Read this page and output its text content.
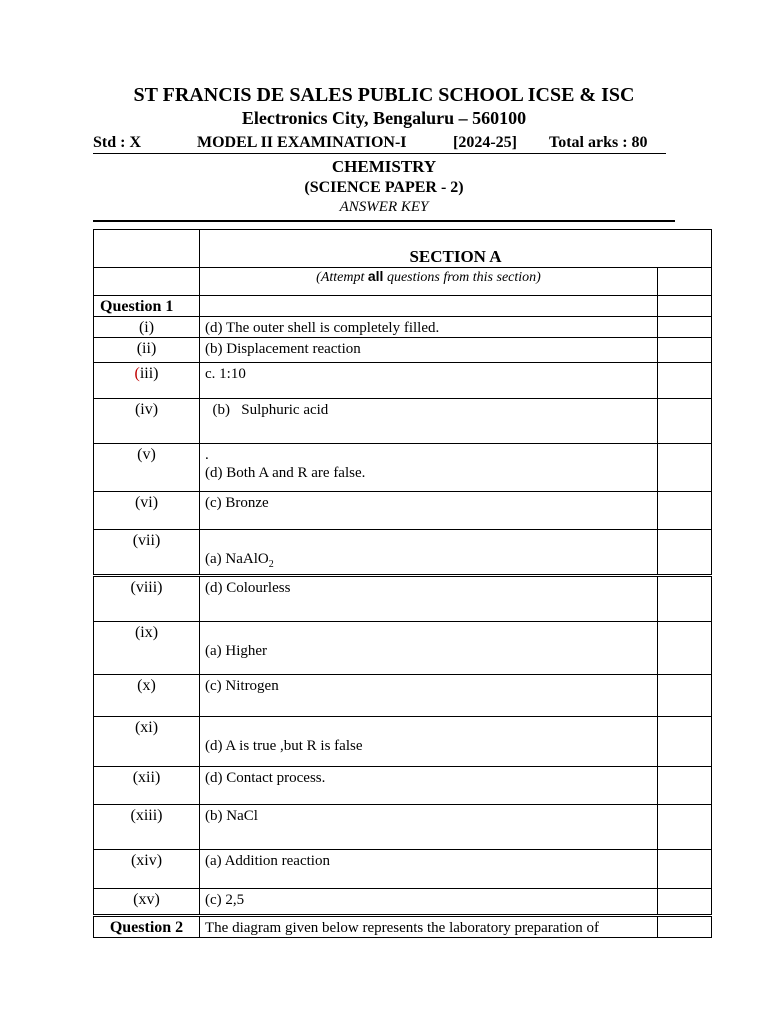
ST FRANCIS DE SALES PUBLIC SCHOOL ICSE & ISC
Electronics City, Bengaluru – 560100
Std : X	MODEL II EXAMINATION-I	[2024-25] Total arks : 80
CHEMISTRY
(SCIENCE PAPER - 2)
ANSWER KEY

	SECTION A	

	(Attempt all questions from this section)	

Question 1		
(i)	(d) The outer shell is completely filled.	
(ii)	(b) Displacement reaction	
(iii)	c. 1:10	
(iv)	(b)   Sulphuric acid	
(v)	.
(d) Both A and R are false.	
(vi)	(c) Bronze	
(vii)	(a) NaAlO$_2$	
(viii)	(d) Colourless	
(ix)	(a) Higher	
(x)	(c) Nitrogen	
(xi)	(d) A is true ,but R is false	
(xii)	(d) Contact process.	
(xiii)	(b) NaCl	
(xiv)	(a) Addition reaction	
(xv)	(c) 2,5	
Question 2	The diagram given below represents the laboratory preparation of	
